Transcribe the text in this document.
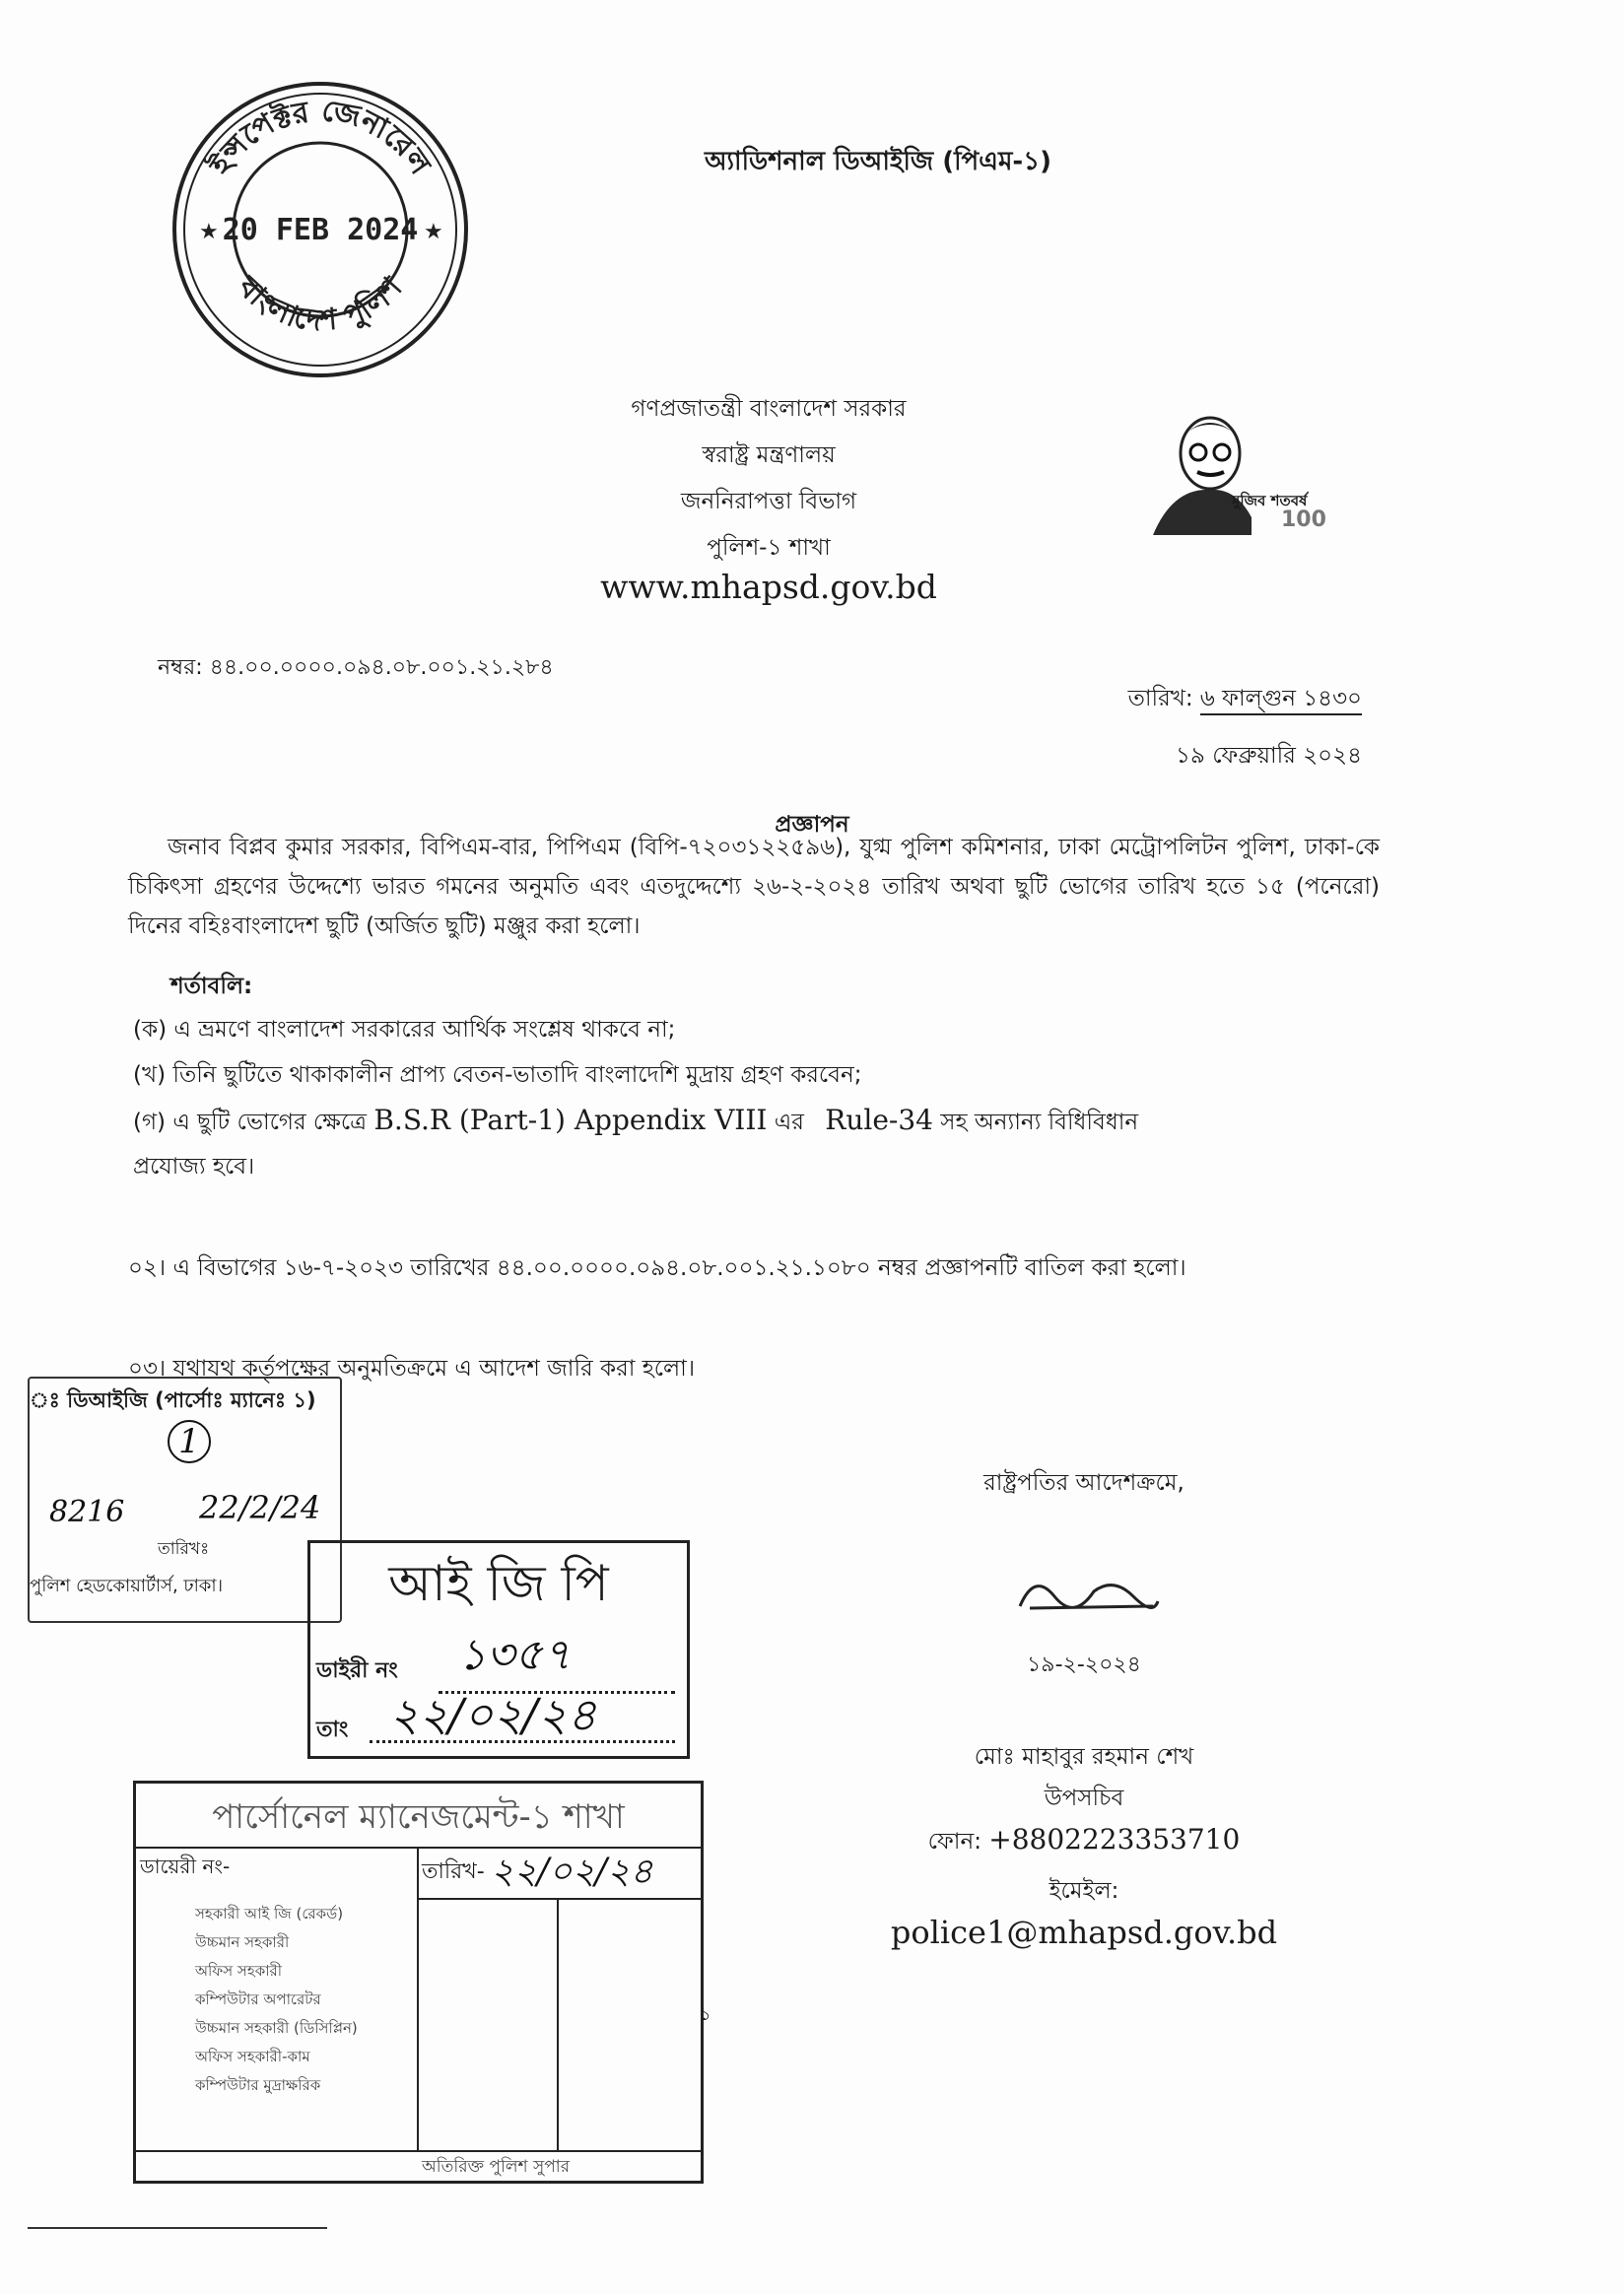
ইন্সপেক্টর জেনারেল
বাংলাদেশ পুলিশ
★	★
20 FEB 2024
অ্যাডিশনাল ডিআইজি (পিএম-১)
গণপ্রজাতন্ত্রী বাংলাদেশ সরকার
স্বরাষ্ট্র মন্ত্রণালয়
জননিরাপত্তা বিভাগ
পুলিশ-১ শাখা
www.mhapsd.gov.bd
মুজিব শতবর্ষ
100
নম্বর: ৪৪.০০.০০০০.০৯৪.০৮.০০১.২১.২৮৪
তারিখ: ৬ ফাল্গুন ১৪৩০
১৯ ফেব্রুয়ারি ২০২৪
প্রজ্ঞাপন
জনাব বিপ্লব কুমার সরকার, বিপিএম-বার, পিপিএম (বিপি-৭২০৩১২২৫৯৬), যুগ্ম পুলিশ কমিশনার, ঢাকা মেট্রোপলিটন পুলিশ, ঢাকা-কে চিকিৎসা গ্রহণের উদ্দেশ্যে ভারত গমনের অনুমতি এবং এতদুদ্দেশ্যে ২৬-২-২০২৪ তারিখ অথবা ছুটি ভোগের তারিখ হতে ১৫ (পনেরো) দিনের বহিঃবাংলাদেশ ছুটি (অর্জিত ছুটি) মঞ্জুর করা হলো।
শর্তাবলি:
(ক) এ ভ্রমণে বাংলাদেশ সরকারের আর্থিক সংশ্লেষ থাকবে না;
(খ) তিনি ছুটিতে থাকাকালীন প্রাপ্য বেতন-ভাতাদি বাংলাদেশি মুদ্রায় গ্রহণ করবেন;
(গ) এ ছুটি ভোগের ক্ষেত্রে B.S.R (Part-1) Appendix VIII এর Rule-34 সহ অন্যান্য বিধিবিধান
প্রযোজ্য হবে।
০২। এ বিভাগের ১৬-৭-২০২৩ তারিখের ৪৪.০০.০০০০.০৯৪.০৮.০০১.২১.১০৮০ নম্বর প্রজ্ঞাপনটি বাতিল করা হলো।
০৩। যথাযথ কর্তৃপক্ষের অনুমতিক্রমে এ আদেশ জারি করা হলো।
রাষ্ট্রপতির আদেশক্রমে,
১৯-২-২০২৪
মোঃ মাহাবুর রহমান শেখ
উপসচিব
ফোন: +8802223353710
ইমেইল:
police1@mhapsd.gov.bd
ঃ ডিআইজি (পার্সোঃ ম্যানেঃ ১)
1
8216 22/2/24
তারিখঃ
পুলিশ হেডকোয়ার্টার্স, ঢাকা।	আই জি পি
ডাইরী নং ১৩৫৭
তাং ২২/০২/২৪
পার্সোনেল ম্যানেজমেন্ট-১ শাখা
ডায়েরী নং-	তারিখ- ২২/০২/২৪
সহকারী আই জি (রেকর্ড)
উচ্চমান সহকারী
অফিস সহকারী
কম্পিউটার অপারেটর
উচ্চমান সহকারী (ডিসিপ্লিন)
অফিস সহকারী-কাম
কম্পিউটার মুদ্রাক্ষরিক
অতিরিক্ত পুলিশ সুপার
১
